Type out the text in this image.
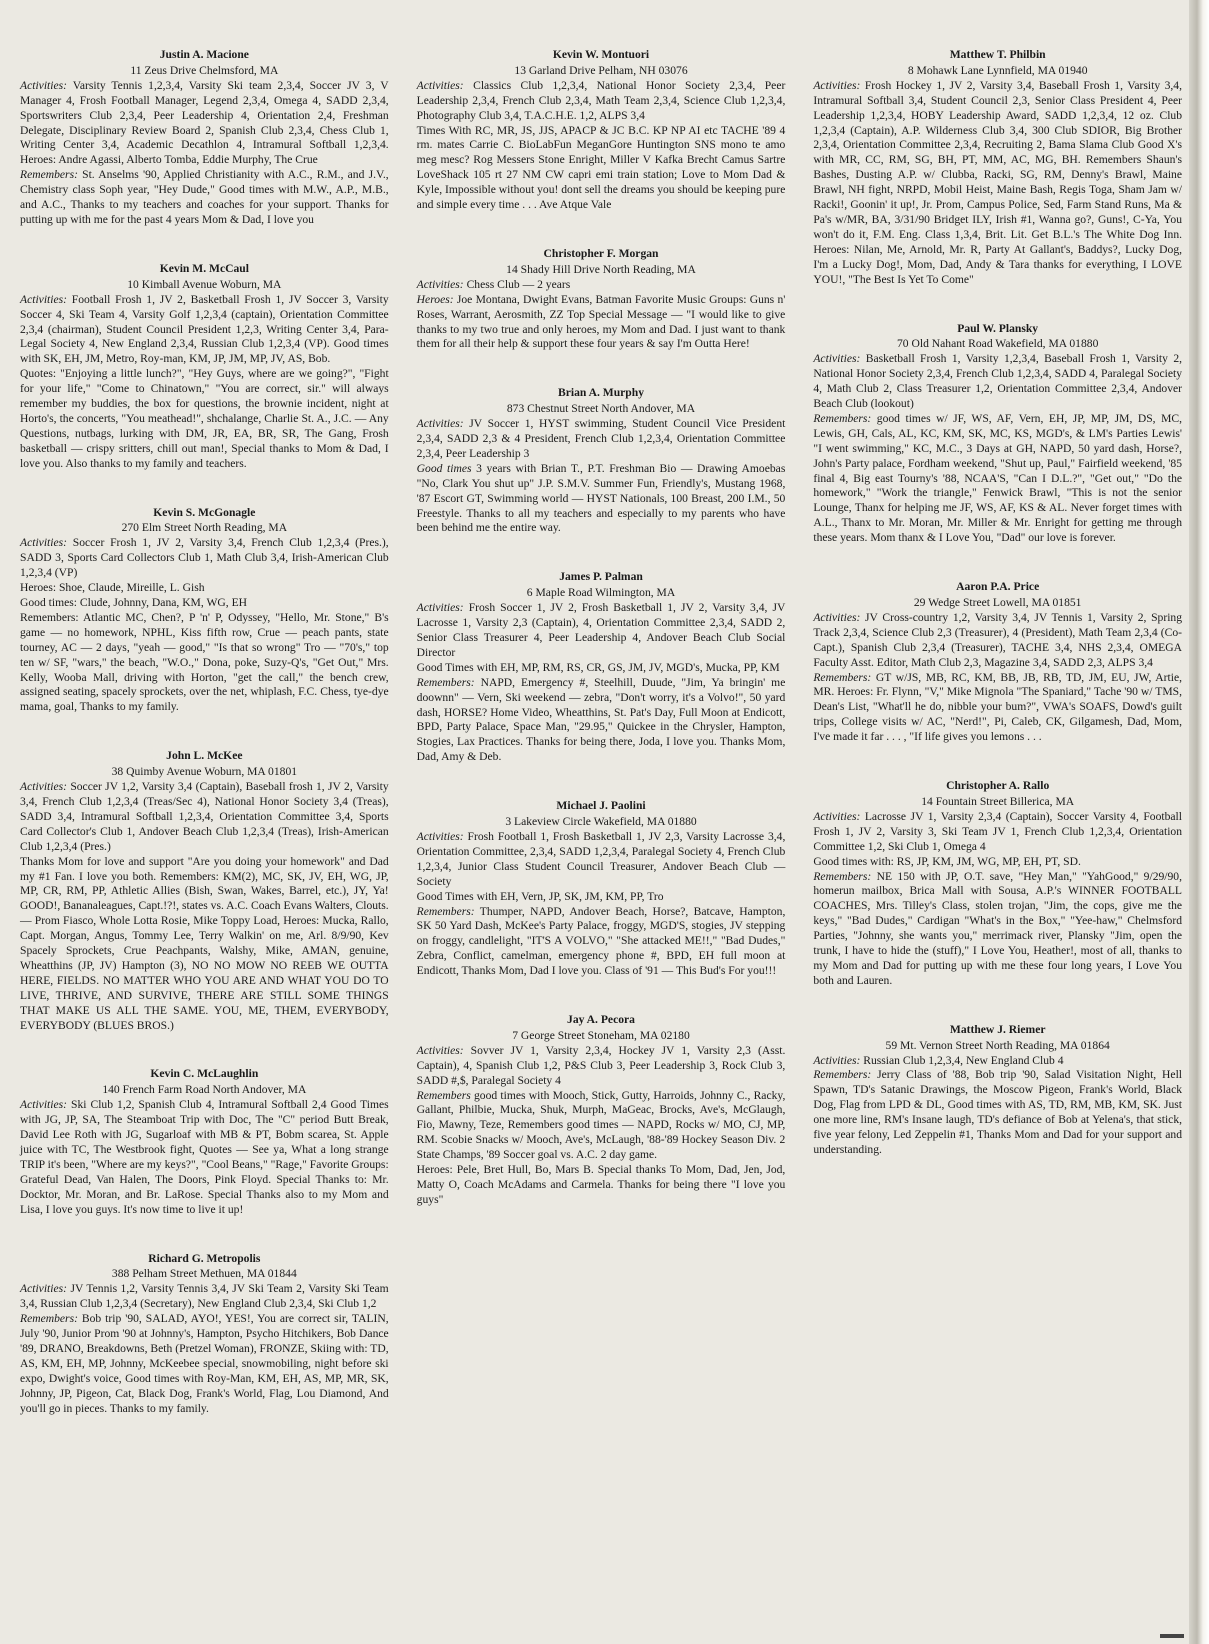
Justin A. Macione
11 Zeus Drive Chelmsford, MA
Activities: Varsity Tennis 1,2,3,4, Varsity Ski team 2,3,4, Soccer JV 3, V Manager 4, Frosh Football Manager, Legend 2,3,4, Omega 4, SADD 2,3,4, Sportswriters Club 2,3,4, Peer Leadership 4, Orientation 2,4, Freshman Delegate, Disciplinary Review Board 2, Spanish Club 2,3,4, Chess Club 1, Writing Center 3,4, Academic Decathlon 4, Intramural Softball 1,2,3,4. Heroes: Andre Agassi, Alberto Tomba, Eddie Murphy, The Crue
Remembers: St. Anselms '90, Applied Christianity with A.C., R.M., and J.V., Chemistry class Soph year, "Hey Dude," Good times with M.W., A.P., M.B., and A.C., Thanks to my teachers and coaches for your support. Thanks for putting up with me for the past 4 years Mom & Dad, I love you
Kevin M. McCaul
10 Kimball Avenue Woburn, MA
Activities: Football Frosh 1, JV 2, Basketball Frosh 1, JV Soccer 3, Varsity Soccer 4, Ski Team 4, Varsity Golf 1,2,3,4 (captain), Orientation Committee 2,3,4 (chairman), Student Council President 1,2,3, Writing Center 3,4, Para-Legal Society 4, New England 2,3,4, Russian Club 1,2,3,4 (VP). Good times with SK, EH, JM, Metro, Roy-man, KM, JP, JM, MP, JV, AS, Bob.
Quotes: "Enjoying a little lunch?", "Hey Guys, where are we going?", "Fight for your life," "Come to Chinatown," "You are correct, sir." will always remember my buddies, the box for questions, the brownie incident, night at Horto's, the concerts, "You meathead!", shchalange, Charlie St. A., J.C. — Any Questions, nutbags, lurking with DM, JR, EA, BR, SR, The Gang, Frosh basketball — crispy sritters, chill out man!, Special thanks to Mom & Dad, I love you. Also thanks to my family and teachers.
Kevin S. McGonagle
270 Elm Street North Reading, MA
Activities: Soccer Frosh 1, JV 2, Varsity 3,4, French Club 1,2,3,4 (Pres.), SADD 3, Sports Card Collectors Club 1, Math Club 3,4, Irish-American Club 1,2,3,4 (VP)
Heroes: Shoe, Claude, Mireille, L. Gish
Good times: Clude, Johnny, Dana, KM, WG, EH
Remembers: Atlantic MC, Chen?, P 'n' P, Odyssey, "Hello, Mr. Stone," B's game — no homework, NPHL, Kiss fifth row, Crue — peach pants, state tourney, AC — 2 days, "yeah — good," "Is that so wrong" Tro — "70's," top ten w/ SF, "wars," the beach, "W.O.," Dona, poke, Suzy-Q's, "Get Out," Mrs. Kelly, Wooba Mall, driving with Horton, "get the call," the bench crew, assigned seating, spacely sprockets, over the net, whiplash, F.C. Chess, tye-dye mama, goal, Thanks to my family.
John L. McKee
38 Quimby Avenue Woburn, MA 01801
Activities: Soccer JV 1,2, Varsity 3,4 (Captain), Baseball frosh 1, JV 2, Varsity 3,4, French Club 1,2,3,4 (Treas/Sec 4), National Honor Society 3,4 (Treas), SADD 3,4, Intramural Softball 1,2,3,4, Orientation Committee 3,4, Sports Card Collector's Club 1, Andover Beach Club 1,2,3,4 (Treas), Irish-American Club 1,2,3,4 (Pres.)
Thanks Mom for love and support "Are you doing your homework" and Dad my #1 Fan. I love you both. Remembers: KM(2), MC, SK, JV, EH, WG, JP, MP, CR, RM, PP, Athletic Allies (Bish, Swan, Wakes, Barrel, etc.), JY, Ya! GOOD!, Bananaleagues, Capt.!?!, states vs. A.C. Coach Evans Walters, Clouts. — Prom Fiasco, Whole Lotta Rosie, Mike Toppy Load, Heroes: Mucka, Rallo, Capt. Morgan, Angus, Tommy Lee, Terry Walkin' on me, Arl. 8/9/90, Kev Spacely Sprockets, Crue Peachpants, Walshy, Mike, AMAN, genuine, Wheatthins (JP, JV) Hampton (3), NO NO MOW NO REEB WE OUTTA HERE, FIELDS. NO MATTER WHO YOU ARE AND WHAT YOU DO TO LIVE, THRIVE, AND SURVIVE, THERE ARE STILL SOME THINGS THAT MAKE US ALL THE SAME. YOU, ME, THEM, EVERYBODY, EVERYBODY (BLUES BROS.)
Kevin C. McLaughlin
140 French Farm Road North Andover, MA
Activities: Ski Club 1,2, Spanish Club 4, Intramural Softball 2,4 Good Times with JG, JP, SA, The Steamboat Trip with Doc, The "C" period Butt Break, David Lee Roth with JG, Sugarloaf with MB & PT, Bobm scarea, St. Apple juice with TC, The Westbrook fight, Quotes — See ya, What a long strange TRIP it's been, "Where are my keys?", "Cool Beans," "Rage," Favorite Groups: Grateful Dead, Van Halen, The Doors, Pink Floyd. Special Thanks to: Mr. Docktor, Mr. Moran, and Br. LaRose. Special Thanks also to my Mom and Lisa, I love you guys. It's now time to live it up!
Richard G. Metropolis
388 Pelham Street Methuen, MA 01844
Activities: JV Tennis 1,2, Varsity Tennis 3,4, JV Ski Team 2, Varsity Ski Team 3,4, Russian Club 1,2,3,4 (Secretary), New England Club 2,3,4, Ski Club 1,2
Remembers: Bob trip '90, SALAD, AYO!, YES!, You are correct sir, TALIN, July '90, Junior Prom '90 at Johnny's, Hampton, Psycho Hitchikers, Bob Dance '89, DRANO, Breakdowns, Beth (Pretzel Woman), FRONZE, Skiing with: TD, AS, KM, EH, MP, Johnny, McKeebee special, snowmobiling, night before ski expo, Dwight's voice, Good times with Roy-Man, KM, EH, AS, MP, MR, SK, Johnny, JP, Pigeon, Cat, Black Dog, Frank's World, Flag, Lou Diamond, And you'll go in pieces. Thanks to my family.
Kevin W. Montuori
13 Garland Drive Pelham, NH 03076
Activities: Classics Club 1,2,3,4, National Honor Society 2,3,4, Peer Leadership 2,3,4, French Club 2,3,4, Math Team 2,3,4, Science Club 1,2,3,4, Photography Club 3,4, T.A.C.H.E. 1,2, ALPS 3,4
Times With RC, MR, JS, JJS, APACP & JC B.C. KP NP AI etc TACHE '89 4 rm. mates Carrie C. BioLabFun MeganGore Huntington SNS mono te amo meg mesc? Rog Messers Stone Enright, Miller V Kafka Brecht Camus Sartre LoveShack 105 rt 27 NM CW capri emi train station; Love to Mom Dad & Kyle, Impossible without you! dont sell the dreams you should be keeping pure and simple every time . . . Ave Atque Vale
Christopher F. Morgan
14 Shady Hill Drive North Reading, MA
Activities: Chess Club — 2 years
Heroes: Joe Montana, Dwight Evans, Batman Favorite Music Groups: Guns n' Roses, Warrant, Aerosmith, ZZ Top Special Message — "I would like to give thanks to my two true and only heroes, my Mom and Dad. I just want to thank them for all their help & support these four years & say I'm Outta Here!
Brian A. Murphy
873 Chestnut Street North Andover, MA
Activities: JV Soccer 1, HYST swimming, Student Council Vice President 2,3,4, SADD 2,3 & 4 President, French Club 1,2,3,4, Orientation Committee 2,3,4, Peer Leadership 3
Good times 3 years with Brian T., P.T. Freshman Bio — Drawing Amoebas "No, Clark You shut up" J.P. S.M.V. Summer Fun, Friendly's, Mustang 1968, '87 Escort GT, Swimming world — HYST Nationals, 100 Breast, 200 I.M., 50 Freestyle. Thanks to all my teachers and especially to my parents who have been behind me the entire way.
James P. Palman
6 Maple Road Wilmington, MA
Activities: Frosh Soccer 1, JV 2, Frosh Basketball 1, JV 2, Varsity 3,4, JV Lacrosse 1, Varsity 2,3 (Captain), 4, Orientation Committee 2,3,4, SADD 2, Senior Class Treasurer 4, Peer Leadership 4, Andover Beach Club Social Director
Good Times with EH, MP, RM, RS, CR, GS, JM, JV, MGD's, Mucka, PP, KM
Remembers: NAPD, Emergency #, Steelhill, Duude, "Jim, Ya bringin' me doownn" — Vern, Ski weekend — zebra, "Don't worry, it's a Volvo!", 50 yard dash, HORSE? Home Video, Wheatthins, St. Pat's Day, Full Moon at Endicott, BPD, Party Palace, Space Man, "29.95," Quickee in the Chrysler, Hampton, Stogies, Lax Practices. Thanks for being there, Joda, I love you. Thanks Mom, Dad, Amy & Deb.
Michael J. Paolini
3 Lakeview Circle Wakefield, MA 01880
Activities: Frosh Football 1, Frosh Basketball 1, JV 2,3, Varsity Lacrosse 3,4, Orientation Committee, 2,3,4, SADD 1,2,3,4, Paralegal Society 4, French Club 1,2,3,4, Junior Class Student Council Treasurer, Andover Beach Club — Society
Good Times with EH, Vern, JP, SK, JM, KM, PP, Tro
Remembers: Thumper, NAPD, Andover Beach, Horse?, Batcave, Hampton, SK 50 Yard Dash, McKee's Party Palace, froggy, MGD'S, stogies, JV stepping on froggy, candlelight, "IT'S A VOLVO," "She attacked ME!!," "Bad Dudes," Zebra, Conflict, camelman, emergency phone #, BPD, EH full moon at Endicott, Thanks Mom, Dad I love you. Class of '91 — This Bud's For you!!!
Jay A. Pecora
7 George Street Stoneham, MA 02180
Activities: Sovver JV 1, Varsity 2,3,4, Hockey JV 1, Varsity 2,3 (Asst. Captain), 4, Spanish Club 1,2, P&S Club 3, Peer Leadership 3, Rock Club 3, SADD #,$, Paralegal Society 4
Remembers good times with Mooch, Stick, Gutty, Harroids, Johnny C., Racky, Gallant, Philbie, Mucka, Shuk, Murph, MaGeac, Brocks, Ave's, McGlaugh, Fio, Mawny, Teze, Remembers good times — NAPD, Rocks w/ MO, CJ, MP, RM. Scobie Snacks w/ Mooch, Ave's, McLaugh, '88-'89 Hockey Season Div. 2 State Champs, '89 Soccer goal vs. A.C. 2 day game.
Heroes: Pele, Bret Hull, Bo, Mars B. Special thanks To Mom, Dad, Jen, Jod, Matty O, Coach McAdams and Carmela. Thanks for being there "I love you guys"
Matthew T. Philbin
8 Mohawk Lane Lynnfield, MA 01940
Activities: Frosh Hockey 1, JV 2, Varsity 3,4, Baseball Frosh 1, Varsity 3,4, Intramural Softball 3,4, Student Council 2,3, Senior Class President 4, Peer Leadership 1,2,3,4, HOBY Leadership Award, SADD 1,2,3,4, 12 oz. Club 1,2,3,4 (Captain), A.P. Wilderness Club 3,4, 300 Club SDIOR, Big Brother 2,3,4, Orientation Committee 2,3,4, Recruiting 2, Bama Slama Club Good X's with MR, CC, RM, SG, BH, PT, MM, AC, MG, BH. Remembers Shaun's Bashes, Dusting A.P. w/ Clubba, Racki, SG, RM, Denny's Brawl, Maine Brawl, NH fight, NRPD, Mobil Heist, Maine Bash, Regis Toga, Sham Jam w/ Racki!, Goonin' it up!, Jr. Prom, Campus Police, Sed, Farm Stand Runs, Ma & Pa's w/MR, BA, 3/31/90 Bridget ILY, Irish #1, Wanna go?, Guns!, C-Ya, You won't do it, F.M. Eng. Class 1,3,4, Brit. Lit. Get B.L.'s The White Dog Inn. Heroes: Nilan, Me, Arnold, Mr. R, Party At Gallant's, Baddys?, Lucky Dog, I'm a Lucky Dog!, Mom, Dad, Andy & Tara thanks for everything, I LOVE YOU!, "The Best Is Yet To Come"
Paul W. Plansky
70 Old Nahant Road Wakefield, MA 01880
Activities: Basketball Frosh 1, Varsity 1,2,3,4, Baseball Frosh 1, Varsity 2, National Honor Society 2,3,4, French Club 1,2,3,4, SADD 4, Paralegal Society 4, Math Club 2, Class Treasurer 1,2, Orientation Committee 2,3,4, Andover Beach Club (lookout)
Remembers: good times w/ JF, WS, AF, Vern, EH, JP, MP, JM, DS, MC, Lewis, GH, Cals, AL, KC, KM, SK, MC, KS, MGD's, & LM's Parties Lewis' "I went swimming," KC, M.C., 3 Days at GH, NAPD, 50 yard dash, Horse?, John's Party palace, Fordham weekend, "Shut up, Paul," Fairfield weekend, '85 final 4, Big east Tourny's '88, NCAA'S, "Can I D.L.?", "Get out," "Do the homework," "Work the triangle," Fenwick Brawl, "This is not the senior Lounge, Thanx for helping me JF, WS, AF, KS & AL. Never forget times with A.L., Thanx to Mr. Moran, Mr. Miller & Mr. Enright for getting me through these years. Mom thanx & I Love You, "Dad" our love is forever.
Aaron P.A. Price
29 Wedge Street Lowell, MA 01851
Activities: JV Cross-country 1,2, Varsity 3,4, JV Tennis 1, Varsity 2, Spring Track 2,3,4, Science Club 2,3 (Treasurer), 4 (President), Math Team 2,3,4 (Co-Capt.), Spanish Club 2,3,4 (Treasurer), TACHE 3,4, NHS 2,3,4, OMEGA Faculty Asst. Editor, Math Club 2,3, Magazine 3,4, SADD 2,3, ALPS 3,4
Remembers: GT w/JS, MB, RC, KM, BB, JB, RB, TD, JM, EU, JW, Artie, MR. Heroes: Fr. Flynn, "V," Mike Mignola "The Spaniard," Tache '90 w/ TMS, Dean's List, "What'll he do, nibble your bum?", VWA's SOAFS, Dowd's guilt trips, College visits w/ AC, "Nerd!", Pi, Caleb, CK, Gilgamesh, Dad, Mom, I've made it far . . . , "If life gives you lemons . . .
Christopher A. Rallo
14 Fountain Street Billerica, MA
Activities: Lacrosse JV 1, Varsity 2,3,4 (Captain), Soccer Varsity 4, Football Frosh 1, JV 2, Varsity 3, Ski Team JV 1, French Club 1,2,3,4, Orientation Committee 1,2, Ski Club 1, Omega 4
Good times with: RS, JP, KM, JM, WG, MP, EH, PT, SD.
Remembers: NE 150 with JP, O.T. save, "Hey Man," "YahGood," 9/29/90, homerun mailbox, Brica Mall with Sousa, A.P.'s WINNER FOOTBALL COACHES, Mrs. Tilley's Class, stolen trojan, "Jim, the cops, give me the keys," "Bad Dudes," Cardigan "What's in the Box," "Yee-haw," Chelmsford Parties, "Johnny, she wants you," merrimack river, Plansky "Jim, open the trunk, I have to hide the (stuff)," I Love You, Heather!, most of all, thanks to my Mom and Dad for putting up with me these four long years, I Love You both and Lauren.
Matthew J. Riemer
59 Mt. Vernon Street North Reading, MA 01864
Activities: Russian Club 1,2,3,4, New England Club 4
Remembers: Jerry Class of '88, Bob trip '90, Salad Visitation Night, Hell Spawn, TD's Satanic Drawings, the Moscow Pigeon, Frank's World, Black Dog, Flag from LPD & DL, Good times with AS, TD, RM, MB, KM, SK. Just one more line, RM's Insane laugh, TD's defiance of Bob at Yelena's, that stick, five year felony, Led Zeppelin #1, Thanks Mom and Dad for your support and understanding.
